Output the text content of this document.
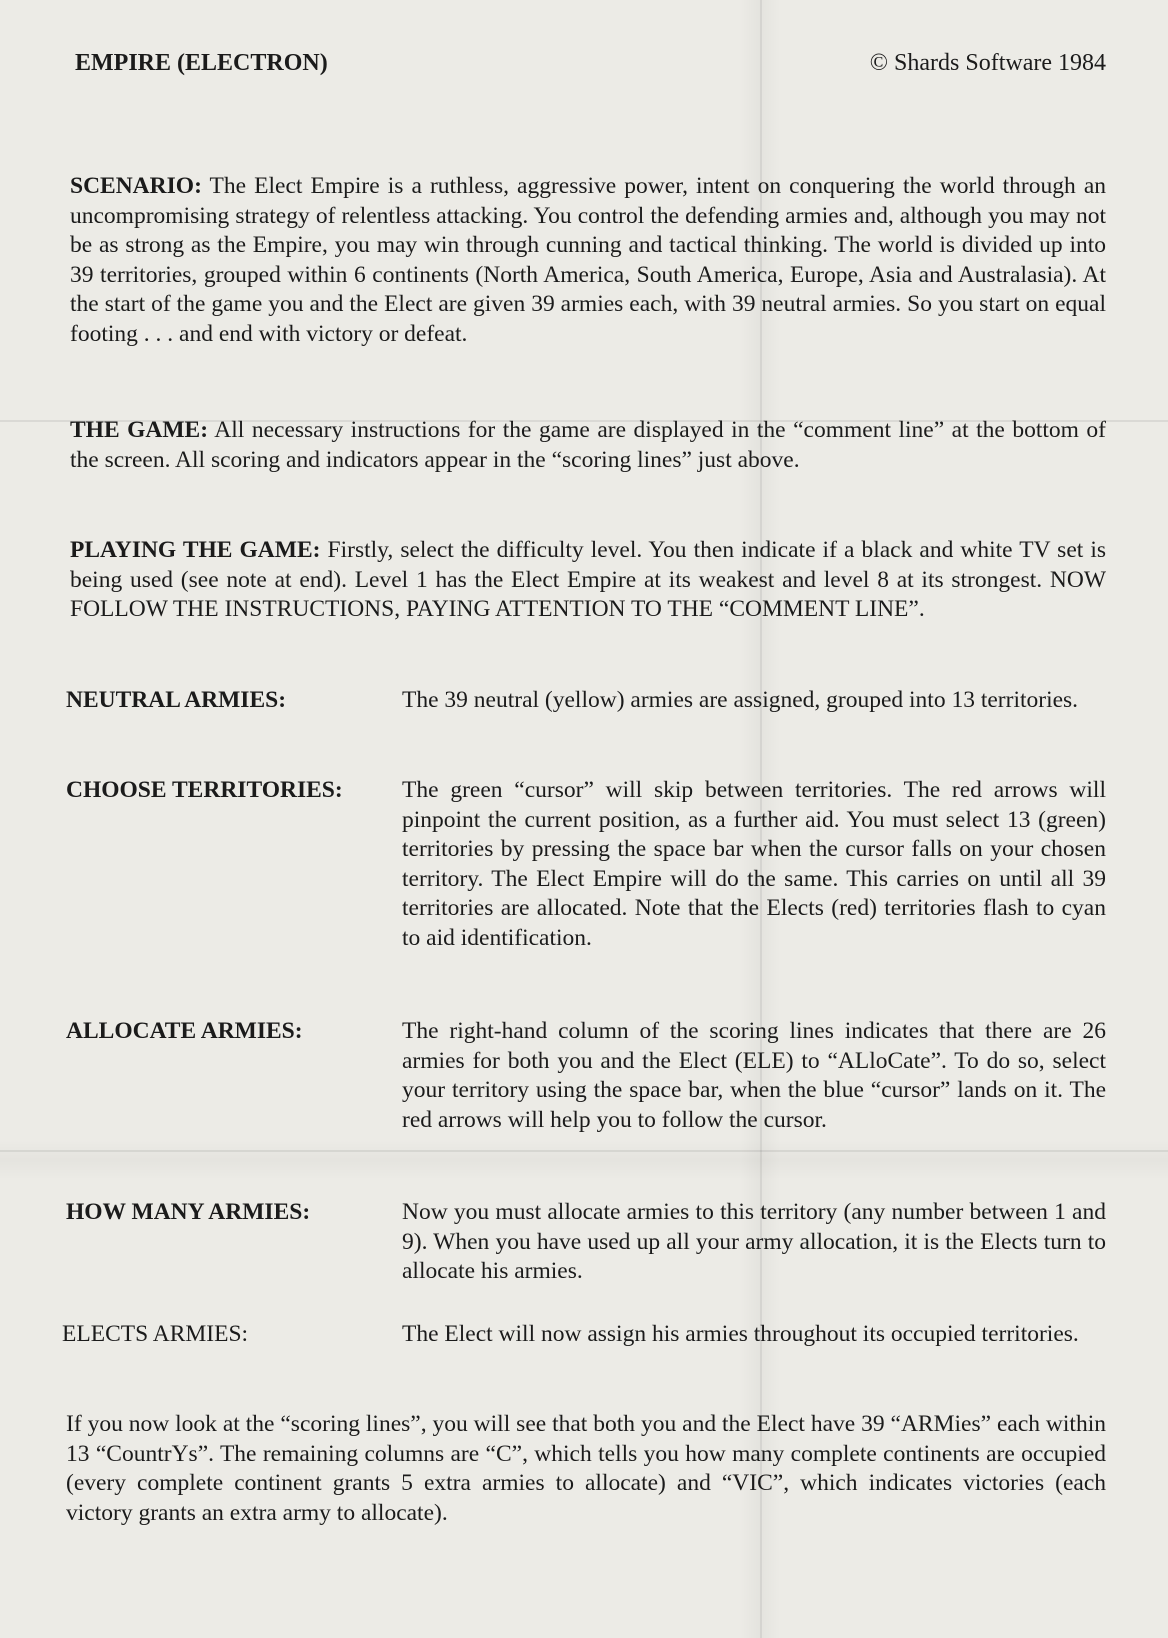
EMPIRE (ELECTRON)	© Shards Software 1984
SCENARIO: The Elect Empire is a ruthless, aggressive power, intent on conquering the world through an uncompromising strategy of relentless attacking. You control the defending armies and, although you may not be as strong as the Empire, you may win through cunning and tactical thinking. The world is divided up into 39 territories, grouped within 6 continents (North America, South America, Europe, Asia and Australasia). At the start of the game you and the Elect are given 39 armies each, with 39 neutral armies. So you start on equal footing . . . and end with victory or defeat.
THE GAME: All necessary instructions for the game are displayed in the “comment line” at the bottom of the screen. All scoring and indicators appear in the “scoring lines” just above.
PLAYING THE GAME: Firstly, select the difficulty level. You then indicate if a black and white TV set is being used (see note at end). Level 1 has the Elect Empire at its weakest and level 8 at its strongest. NOW FOLLOW THE INSTRUCTIONS, PAYING ATTENTION TO THE “COMMENT LINE”.
NEUTRAL ARMIES:	The 39 neutral (yellow) armies are assigned, grouped into 13 territories.
CHOOSE TERRITORIES:	The green “cursor” will skip between territories. The red arrows will pinpoint the current position, as a further aid. You must select 13 (green) territories by pressing the space bar when the cursor falls on your chosen territory. The Elect Empire will do the same. This carries on until all 39 territories are allocated. Note that the Elects (red) territories flash to cyan to aid identification.
ALLOCATE ARMIES:	The right-hand column of the scoring lines indicates that there are 26 armies for both you and the Elect (ELE) to “ALloCate”. To do so, select your territory using the space bar, when the blue “cursor” lands on it. The red arrows will help you to follow the cursor.
HOW MANY ARMIES:	Now you must allocate armies to this territory (any number between 1 and 9). When you have used up all your army allocation, it is the Elects turn to allocate his armies.
ELECTS ARMIES:	The Elect will now assign his armies throughout its occupied territories.
If you now look at the “scoring lines”, you will see that both you and the Elect have 39 “ARMies” each within 13 “CountrYs”. The remaining columns are “C”, which tells you how many complete continents are occupied (every complete continent grants 5 extra armies to allocate) and “VIC”, which indicates victories (each victory grants an extra army to allocate).
